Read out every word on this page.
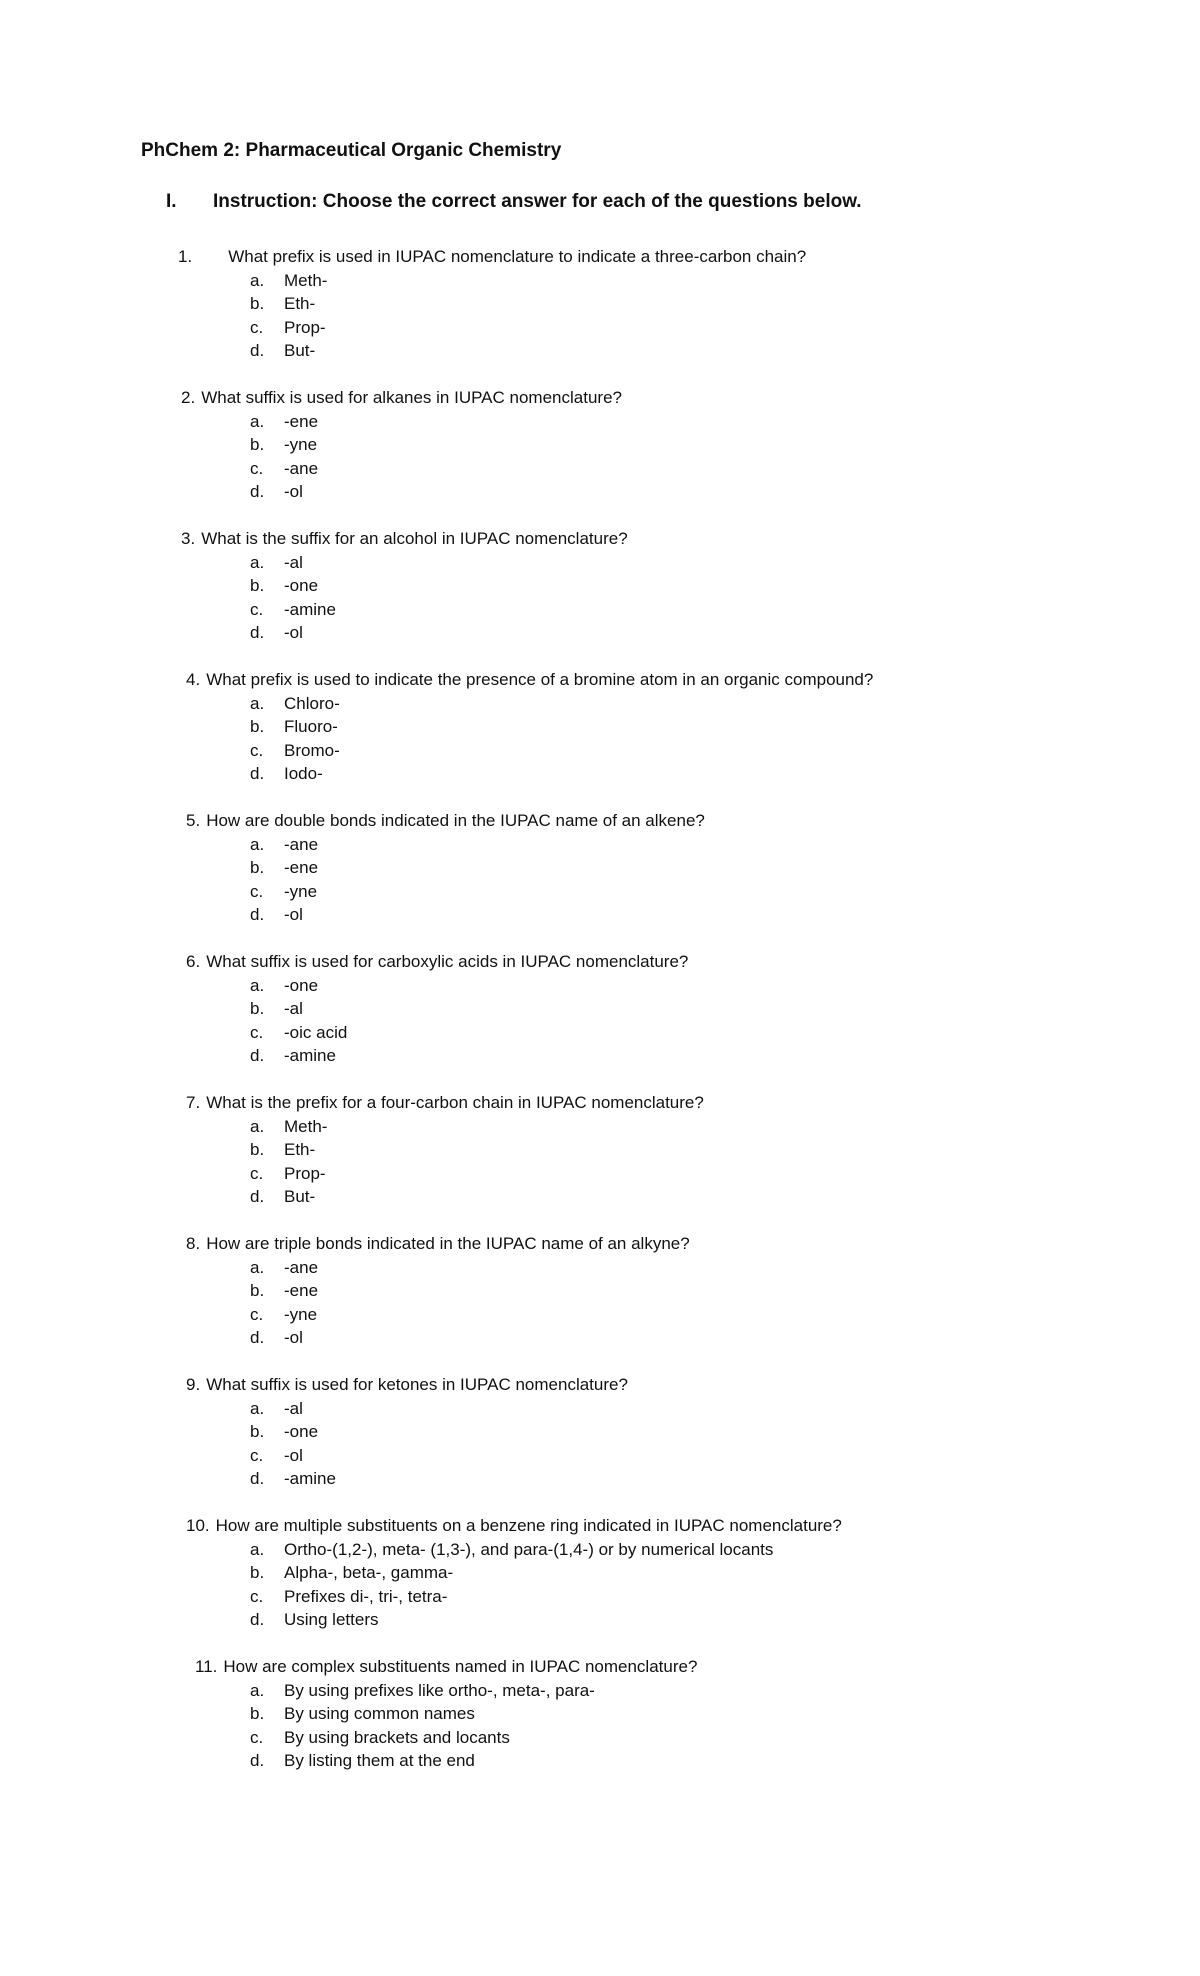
PhChem 2: Pharmaceutical Organic Chemistry
I. Instruction: Choose the correct answer for each of the questions below.
1. What prefix is used in IUPAC nomenclature to indicate a three-carbon chain?
a. Meth-
b. Eth-
c. Prop-
d. But-
2. What suffix is used for alkanes in IUPAC nomenclature?
a. -ene
b. -yne
c. -ane
d. -ol
3. What is the suffix for an alcohol in IUPAC nomenclature?
a. -al
b. -one
c. -amine
d. -ol
4. What prefix is used to indicate the presence of a bromine atom in an organic compound?
a. Chloro-
b. Fluoro-
c. Bromo-
d. Iodo-
5. How are double bonds indicated in the IUPAC name of an alkene?
a. -ane
b. -ene
c. -yne
d. -ol
6. What suffix is used for carboxylic acids in IUPAC nomenclature?
a. -one
b. -al
c. -oic acid
d. -amine
7. What is the prefix for a four-carbon chain in IUPAC nomenclature?
a. Meth-
b. Eth-
c. Prop-
d. But-
8. How are triple bonds indicated in the IUPAC name of an alkyne?
a. -ane
b. -ene
c. -yne
d. -ol
9. What suffix is used for ketones in IUPAC nomenclature?
a. -al
b. -one
c. -ol
d. -amine
10. How are multiple substituents on a benzene ring indicated in IUPAC nomenclature?
a. Ortho-(1,2-), meta- (1,3-), and para-(1,4-) or by numerical locants
b. Alpha-, beta-, gamma-
c. Prefixes di-, tri-, tetra-
d. Using letters
11. How are complex substituents named in IUPAC nomenclature?
a. By using prefixes like ortho-, meta-, para-
b. By using common names
c. By using brackets and locants
d. By listing them at the end
